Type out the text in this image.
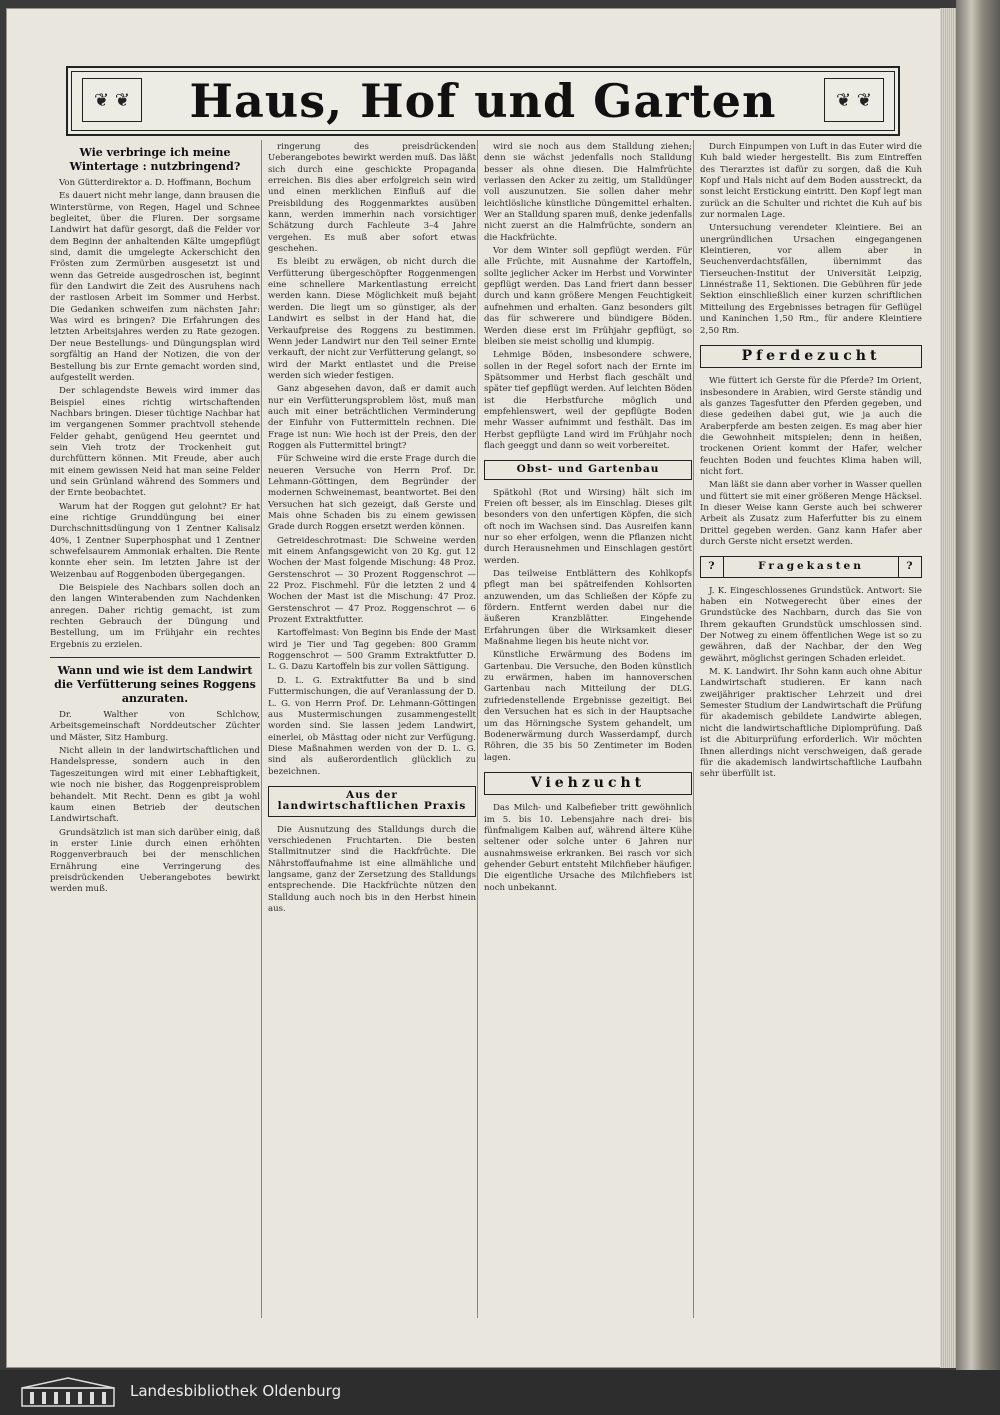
❦ ❦	Haus, Hof und Garten	❦ ❦
Wie verbringe ich meine Wintertage : nutzbringend?

Von Gütterdirektor a. D. Hoffmann, Bochum

Es dauert nicht mehr lange, dann brausen die Winterstürme, von Regen, Hagel und Schnee begleitet, über die Fluren. Der sorgsame Landwirt hat dafür gesorgt, daß die Felder vor dem Beginn der anhaltenden Kälte umgepflügt sind, damit die umgelegte Ackerschicht den Frösten zum Zermürben ausgesetzt ist und wenn das Getreide ausgedroschen ist, beginnt für den Landwirt die Zeit des Ausruhens nach der rastlosen Arbeit im Sommer und Herbst. Die Gedanken schweifen zum nächsten Jahr: Was wird es bringen? Die Erfahrungen des letzten Arbeitsjahres werden zu Rate gezogen. Der neue Bestellungs- und Düngungsplan wird sorgfältig an Hand der Notizen, die von der Bestellung bis zur Ernte gemacht worden sind, aufgestellt werden.

Der schlagendste Beweis wird immer das Beispiel eines richtig wirtschaftenden Nachbars bringen. Dieser tüchtige Nachbar hat im vergangenen Sommer prachtvoll stehende Felder gehabt, genügend Heu geerntet und sein Vieh trotz der Trockenheit gut durchfüttern können. Mit Freude, aber auch mit einem gewissen Neid hat man seine Felder und sein Grünland während des Sommers und der Ernte beobachtet.

Warum hat der Roggen gut gelohnt? Er hat eine richtige Grunddüngung bei einer Durchschnittsdüngung von 1 Zentner Kalisalz 40%, 1 Zentner Superphosphat und 1 Zentner schwefelsaurem Ammoniak erhalten. Die Rente konnte eher sein. Im letzten Jahre ist der Weizenbau auf Roggenboden übergegangen.

Die Beispiele des Nachbars sollen doch an den langen Winterabenden zum Nachdenken anregen. Daher richtig gemacht, ist zum rechten Gebrauch der Düngung und Bestellung, um im Frühjahr ein rechtes Ergebnis zu erzielen.

Wann und wie ist dem Landwirt die Verfütterung seines Roggens anzuraten.

Dr. Walther von Schlchow, Arbeitsgemeinschaft Norddeutscher Züchter und Mäster, Sitz Hamburg.

Nicht allein in der landwirtschaftlichen und Handelspresse, sondern auch in den Tageszeitungen wird mit einer Lebhaftigkeit, wie noch nie bisher, das Roggenpreisproblem behandelt. Mit Recht. Denn es gibt ja wohl kaum einen Betrieb der deutschen Landwirtschaft.

Grundsätzlich ist man sich darüber einig, daß in erster Linie durch einen erhöhten Roggenverbrauch bei der menschlichen Ernährung eine Verringerung des preisdrückenden Ueberangebotes bewirkt werden muß.

ringerung des preisdrückenden Ueberangebotes bewirkt werden muß. Das läßt sich durch eine geschickte Propaganda erreichen. Bis dies aber erfolgreich sein wird und einen merklichen Einfluß auf die Preisbildung des Roggenmarktes ausüben kann, werden immerhin nach vorsichtiger Schätzung durch Fachleute 3–4 Jahre vergehen. Es muß aber sofort etwas geschehen.

Es bleibt zu erwägen, ob nicht durch die Verfütterung übergeschöpfter Roggenmengen eine schnellere Markentlastung erreicht werden kann. Diese Möglichkeit muß bejaht werden. Die liegt um so günstiger, als der Landwirt es selbst in der Hand hat, die Verkaufpreise des Roggens zu bestimmen. Wenn jeder Landwirt nur den Teil seiner Ernte verkauft, der nicht zur Verfütterung gelangt, so wird der Markt entlastet und die Preise werden sich wieder festigen.

Ganz abgesehen davon, daß er damit auch nur ein Verfütterungsproblem löst, muß man auch mit einer beträchtlichen Verminderung der Einfuhr von Futtermitteln rechnen. Die Frage ist nun: Wie hoch ist der Preis, den der Roggen als Futtermittel bringt?

Für Schweine wird die erste Frage durch die neueren Versuche von Herrn Prof. Dr. Lehmann-Göttingen, dem Begründer der modernen Schweinemast, beantwortet. Bei den Versuchen hat sich gezeigt, daß Gerste und Mais ohne Schaden bis zu einem gewissen Grade durch Roggen ersetzt werden können.

Getreideschrotmast: Die Schweine werden mit einem Anfangsgewicht von 20 Kg. gut 12 Wochen der Mast folgende Mischung: 48 Proz. Gerstenschrot — 30 Prozent Roggenschrot — 22 Proz. Fischmehl. Für die letzten 2 und 4 Wochen der Mast ist die Mischung: 47 Proz. Gerstenschrot — 47 Proz. Roggenschrot — 6 Prozent Extraktfutter.

Kartoffelmast: Von Beginn bis Ende der Mast wird je Tier und Tag gegeben: 800 Gramm Roggenschrot — 500 Gramm Extraktfutter D. L. G. Dazu Kartoffeln bis zur vollen Sättigung.

D. L. G. Extraktfutter Ba und b sind Futtermischungen, die auf Veranlassung der D. L. G. von Herrn Prof. Dr. Lehmann-Göttingen aus Mustermischungen zusammengestellt worden sind. Sie lassen jedem Landwirt, einerlei, ob Mästtag oder nicht zur Verfügung. Diese Maßnahmen werden von der D. L. G. sind als außerordentlich glücklich zu bezeichnen.

Aus der landwirtschaftlichen Praxis

Die Ausnutzung des Stalldungs durch die verschiedenen Fruchtarten. Die besten Stallmitnutzer sind die Hackfrüchte. Die Nährstoffaufnahme ist eine allmähliche und langsame, ganz der Zersetzung des Stalldungs entsprechende. Die Hackfrüchte nützen den Stalldung auch noch bis in den Herbst hinein aus.

wird sie noch aus dem Stalldung ziehen; denn sie wächst jedenfalls noch Stalldung besser als ohne diesen. Die Halmfrüchte verlassen den Acker zu zeitig, um Stalldünger voll auszunutzen. Sie sollen daher mehr leichtlösliche künstliche Düngemittel erhalten. Wer an Stalldung sparen muß, denke jedenfalls nicht zuerst an die Halmfrüchte, sondern an die Hackfrüchte.

Vor dem Winter soll gepflügt werden. Für alle Früchte, mit Ausnahme der Kartoffeln, sollte jeglicher Acker im Herbst und Vorwinter gepflügt werden. Das Land friert dann besser durch und kann größere Mengen Feuchtigkeit aufnehmen und erhalten. Ganz besonders gilt das für schwerere und bündigere Böden. Werden diese erst im Frühjahr gepflügt, so bleiben sie meist schollig und klumpig.

Lehmige Böden, insbesondere schwere, sollen in der Regel sofort nach der Ernte im Spätsommer und Herbst flach geschält und später tief gepflügt werden. Auf leichten Böden ist die Herbstfurche möglich und empfehlenswert, weil der gepflügte Boden mehr Wasser aufnimmt und festhält. Das im Herbst gepflügte Land wird im Frühjahr noch flach geeggt und dann so weit vorbereitet.

Obst- und Gartenbau

Spätkohl (Rot und Wirsing) hält sich im Freien oft besser, als im Einschlag. Dieses gilt besonders von den unfertigen Köpfen, die sich oft noch im Wachsen sind. Das Ausreifen kann nur so eher erfolgen, wenn die Pflanzen nicht durch Herausnehmen und Einschlagen gestört werden.

Das teilweise Entblättern des Kohlkopfs pflegt man bei spätreifenden Kohlsorten anzuwenden, um das Schließen der Köpfe zu fördern. Entfernt werden dabei nur die äußeren Kranzblätter. Eingehende Erfahrungen über die Wirksamkeit dieser Maßnahme liegen bis heute nicht vor.

Künstliche Erwärmung des Bodens im Gartenbau. Die Versuche, den Boden künstlich zu erwärmen, haben im hannoverschen Gartenbau nach Mitteilung der DLG. zufriedenstellende Ergebnisse gezeitigt. Bei den Versuchen hat es sich in der Hauptsache um das Hörningsche System gehandelt, um Bodenerwärmung durch Wasserdampf, durch Röhren, die 35 bis 50 Zentimeter im Boden lagen.

Viehzucht

Das Milch- und Kalbefieber tritt gewöhnlich im 5. bis 10. Lebensjahre nach drei- bis fünfmaligem Kalben auf, während ältere Kühe seltener oder solche unter 6 Jahren nur ausnahmsweise erkranken. Bei rasch vor sich gehender Geburt entsteht Milchfieber häufiger. Die eigentliche Ursache des Milchfiebers ist noch unbekannt.

Durch Einpumpen von Luft in das Euter wird die Kuh bald wieder hergestellt. Bis zum Eintreffen des Tierarztes ist dafür zu sorgen, daß die Kuh Kopf und Hals nicht auf dem Boden ausstreckt, da sonst leicht Erstickung eintritt. Den Kopf legt man zurück an die Schulter und richtet die Kuh auf bis zur normalen Lage.

Untersuchung verendeter Kleintiere. Bei an unergründlichen Ursachen eingegangenen Kleintieren, vor allem aber in Seuchenverdachtsfällen, übernimmt das Tierseuchen-Institut der Universität Leipzig, Linnéstraße 11, Sektionen. Die Gebühren für jede Sektion einschließlich einer kurzen schriftlichen Mitteilung des Ergebnisses betragen für Geflügel und Kaninchen 1,50 Rm., für andere Kleintiere 2,50 Rm.

Pferdezucht

Wie füttert ich Gerste für die Pferde? Im Orient, insbesondere in Arabien, wird Gerste ständig und als ganzes Tagesfutter den Pferden gegeben, und diese gedeihen dabei gut, wie ja auch die Araberpferde am besten zeigen. Es mag aber hier die Gewohnheit mitspielen; denn in heißen, trockenen Orient kommt der Hafer, welcher feuchten Boden und feuchtes Klima haben will, nicht fort.

Man läßt sie dann aber vorher in Wasser quellen und füttert sie mit einer größeren Menge Häcksel. In dieser Weise kann Gerste auch bei schwerer Arbeit als Zusatz zum Haferfutter bis zu einem Drittel gegeben werden. Ganz kann Hafer aber durch Gerste nicht ersetzt werden.

?	Fragekasten	?

J. K. Eingeschlossenes Grundstück. Antwort: Sie haben ein Notwegerecht über eines der Grundstücke des Nachbarn, durch das Sie von Ihrem gekauften Grundstück umschlossen sind. Der Notweg zu einem öffentlichen Wege ist so zu gewähren, daß der Nachbar, der den Weg gewährt, möglichst geringen Schaden erleidet.

M. K. Landwirt. Ihr Sohn kann auch ohne Abitur Landwirtschaft studieren. Er kann nach zweijähriger praktischer Lehrzeit und drei Semester Studium der Landwirtschaft die Prüfung für akademisch gebildete Landwirte ablegen, nicht die landwirtschaftliche Diplomprüfung. Daß ist die Abiturprüfung erforderlich. Wir möchten Ihnen allerdings nicht verschweigen, daß gerade für die akademisch landwirtschaftliche Laufbahn sehr überfüllt ist.

Landesbibliothek Oldenburg
